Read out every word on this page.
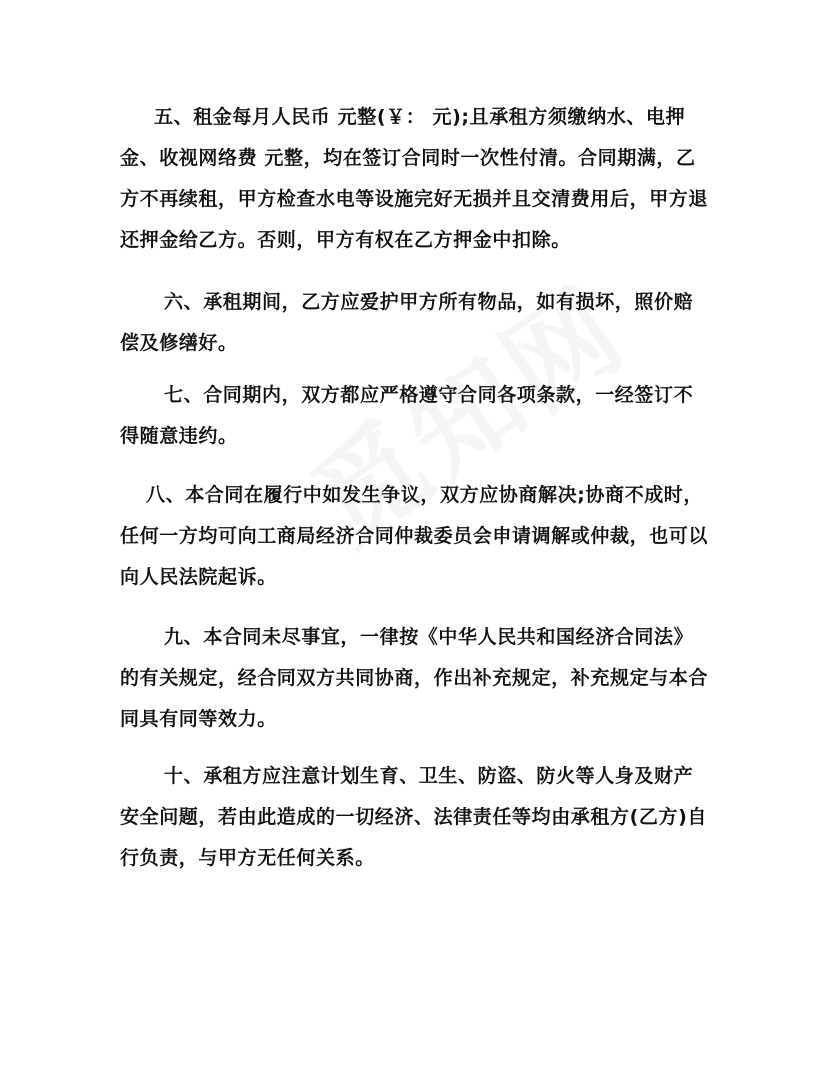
五、租金每月人民币 元整(￥： 元);且承租方须缴纳水、电押金、收视网络费 元整，均在签订合同时一次性付清。合同期满，乙方不再续租，甲方检查水电等设施完好无损并且交清费用后，甲方退还押金给乙方。否则，甲方有权在乙方押金中扣除。

六、承租期间，乙方应爱护甲方所有物品，如有损坏，照价赔偿及修缮好。

七、合同期内，双方都应严格遵守合同各项条款，一经签订不得随意违约。

八、本合同在履行中如发生争议，双方应协商解决;协商不成时，任何一方均可向工商局经济合同仲裁委员会申请调解或仲裁，也可以向人民法院起诉。

九、本合同未尽事宜，一律按《中华人民共和国经济合同法》的有关规定，经合同双方共同协商，作出补充规定，补充规定与本合同具有同等效力。

十、承租方应注意计划生育、卫生、防盗、防火等人身及财产安全问题，若由此造成的一切经济、法律责任等均由承租方(乙方)自行负责，与甲方无任何关系。
